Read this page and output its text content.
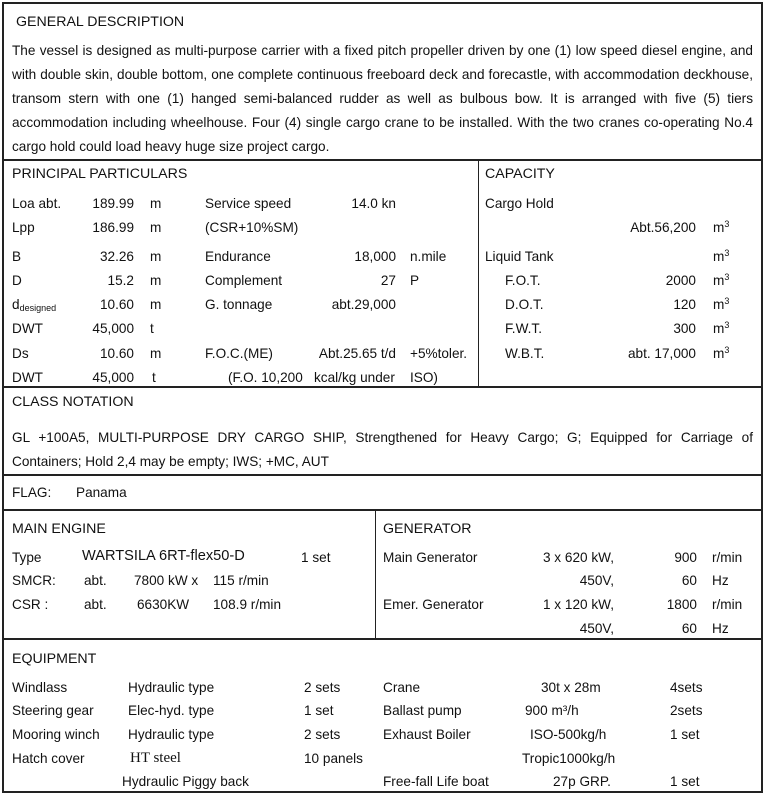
GENERAL DESCRIPTION
The vessel is designed as multi-purpose carrier with a fixed pitch propeller driven by one (1) low speed diesel engine, and with double skin, double bottom, one complete continuous freeboard deck and forecastle, with accommodation deckhouse, transom stern with one (1) hanged semi-balanced rudder as well as bulbous bow. It is arranged with five (5) tiers accommodation including wheelhouse. Four (4) single cargo crane to be installed. With the two cranes co-operating No.4 cargo hold could load heavy huge size project cargo.
PRINCIPAL PARTICULARS
Loa abt.	189.99 m
Lpp	186.99 m
B	32.26 m
D	15.2 m
$d_{designed}$	10.60 m
DWT	45,000 t
Ds	10.60 m
DWT	45,000 t
Service speed	14.0 kn
(CSR+10%SM)
Endurance	18,000 n.mile
Complement	27 P
G. tonnage	abt.29,000
F.O.C.(ME)	Abt.25.65 t/d +5%toler.
(F.O. 10,200 kcal/kg under ISO)
CAPACITY
Cargo Hold
Abt.56,200 $m^3$
Liquid Tank	$m^3$
F.O.T.	2000 $m^3$
D.O.T.	120 $m^3$
F.W.T.	300 $m^3$
W.B.T.	abt. 17,000 $m^3$
CLASS NOTATION
GL +100A5, MULTI-PURPOSE DRY CARGO SHIP, Strengthened for Heavy Cargo; G; Equipped for Carriage of Containers; Hold 2,4 may be empty; IWS; +MC, AUT
FLAG: Panama
MAIN ENGINE
Type	WARTSILA 6RT-flex50-D	1 set
SMCR: abt. 7800 kW x 115 r/min
CSR :	abt. 6630KW 108.9 r/min
GENERATOR
Main Generator	3 x 620 kW,	900 r/min
450V,	60 Hz
Emer. Generator	1 x 120 kW,	1800 r/min
450V,	60 Hz
EQUIPMENT
Windlass	Hydraulic type	2 sets
Steering gear	Elec-hyd. type	1 set
Mooring winch Hydraulic type	2 sets
Hatch cover	HT steel	10 panels
Hydraulic Piggy back
Crane	30t x 28m	4sets
Ballast pump	900 m³/h	2sets
Exhaust Boiler	ISO-500kg/h	1 set
Tropic1000kg/h
Free-fall Life boat	27p GRP.	1 set
